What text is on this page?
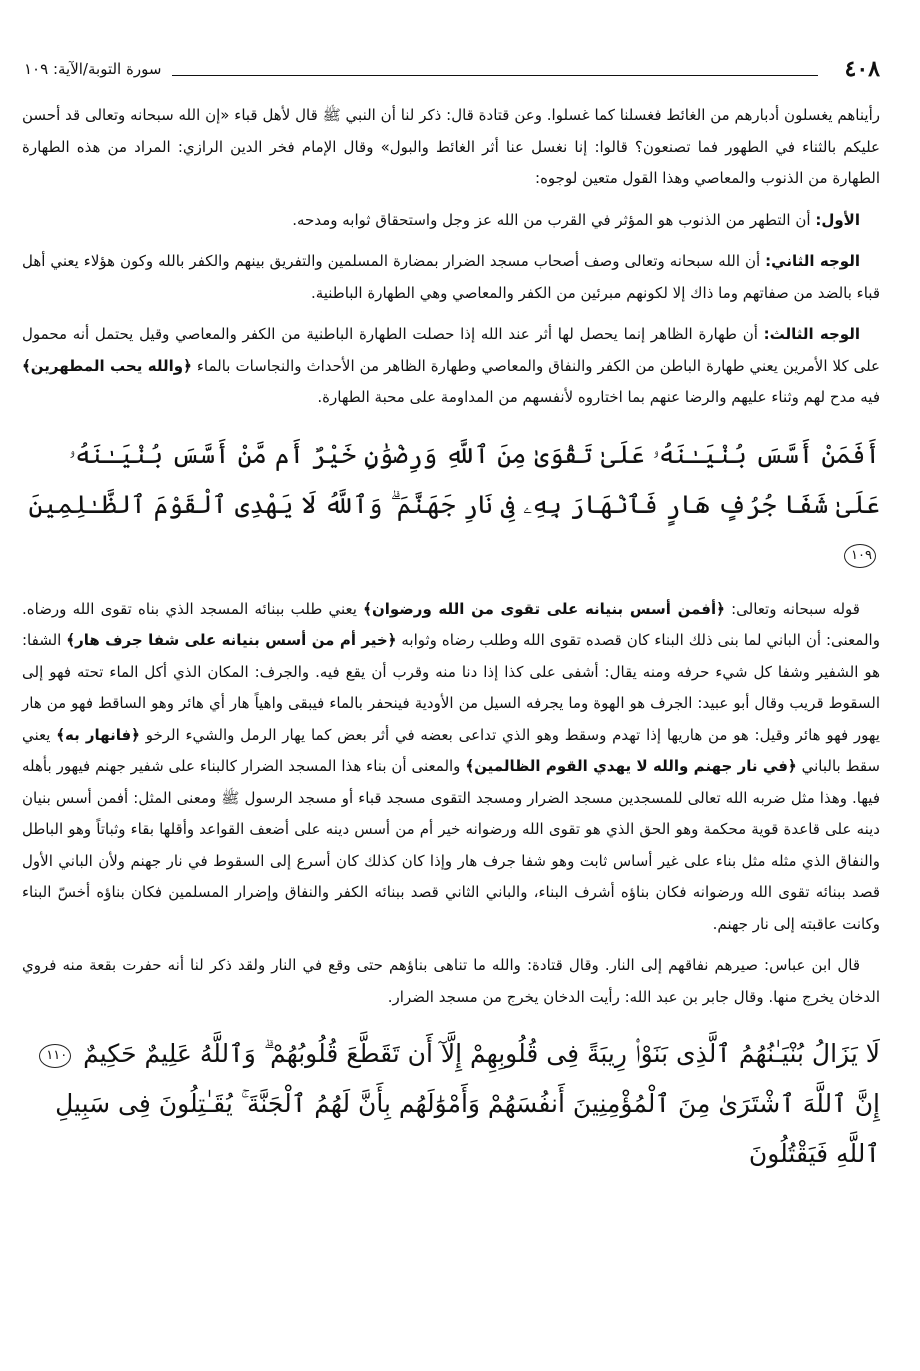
٤٠٨
سورة التوبة/الآية: ١٠٩

رأيناهم يغسلون أدبارهم من الغائط فغسلنا كما غسلوا. وعن قتادة قال: ذكر لنا أن النبي ﷺ قال لأهل قباء «إن الله سبحانه وتعالى قد أحسن عليكم بالثناء في الطهور فما تصنعون؟ قالوا: إنا نغسل عنا أثر الغائط والبول» وقال الإمام فخر الدين الرازي: المراد من هذه الطهارة الطهارة من الذنوب والمعاصي وهذا القول متعين لوجوه:

الأول: أن التطهر من الذنوب هو المؤثر في القرب من الله عز وجل واستحقاق ثوابه ومدحه.

الوجه الثاني: أن الله سبحانه وتعالى وصف أصحاب مسجد الضرار بمضارة المسلمين والتفريق بينهم والكفر بالله وكون هؤلاء يعني أهل قباء بالضد من صفاتهم وما ذاك إلا لكونهم مبرئين من الكفر والمعاصي وهي الطهارة الباطنية.

الوجه الثالث: أن طهارة الظاهر إنما يحصل لها أثر عند الله إذا حصلت الطهارة الباطنية من الكفر والمعاصي وقيل يحتمل أنه محمول على كلا الأمرين يعني طهارة الباطن من الكفر والنفاق والمعاصي وطهارة الظاهر من الأحداث والنجاسات بالماء ﴿والله يحب المطهرين﴾ فيه مدح لهم وثناء عليهم والرضا عنهم بما اختاروه لأنفسهم من المداومة على محبة الطهارة.

أَفَمَنْ أَسَّسَ بُنْيَـٰنَهُۥ عَلَىٰ تَقْوَىٰ مِنَ ٱللَّهِ وَرِضْوَٰنٍ خَيْرٌ أَم مَّنْ أَسَّسَ بُنْيَـٰنَهُۥ عَلَىٰ شَفَا جُرُفٍ هَارٍ فَٱنْهَارَ بِهِۦ فِى نَارِ جَهَنَّمَ ۗ وَٱللَّهُ لَا يَهْدِى ٱلْقَوْمَ ٱلظَّـٰلِمِينَ ١٠٩

قوله سبحانه وتعالى: ﴿أفمن أسس بنيانه على تقوى من الله ورضوان﴾ يعني طلب ببنائه المسجد الذي بناه تقوى الله ورضاه. والمعنى: أن الباني لما بنى ذلك البناء كان قصده تقوى الله وطلب رضاه وثوابه ﴿خير أم من أسس بنيانه على شفا جرف هار﴾ الشفا: هو الشفير وشفا كل شيء حرفه ومنه يقال: أشفى على كذا إذا دنا منه وقرب أن يقع فيه. والجرف: المكان الذي أكل الماء تحته فهو إلى السقوط قريب وقال أبو عبيد: الجرف هو الهوة وما يجرفه السيل من الأودية فينحفر بالماء فيبقى واهياً هار أي هائر وهو الساقط فهو من هار يهور فهو هائر وقيل: هو من هاريها إذا تهدم وسقط وهو الذي تداعى بعضه في أثر بعض كما يهار الرمل والشيء الرخو ﴿فانهار به﴾ يعني سقط بالباني ﴿في نار جهنم والله لا يهدي القوم الظالمين﴾ والمعنى أن بناء هذا المسجد الضرار كالبناء على شفير جهنم فيهور بأهله فيها. وهذا مثل ضربه الله تعالى للمسجدين مسجد الضرار ومسجد التقوى مسجد قباء أو مسجد الرسول ﷺ ومعنى المثل: أفمن أسس بنيان دينه على قاعدة قوية محكمة وهو الحق الذي هو تقوى الله ورضوانه خير أم من أسس دينه على أضعف القواعد وأقلها بقاء وثباتاً وهو الباطل والنفاق الذي مثله مثل بناء على غير أساس ثابت وهو شفا جرف هار وإذا كان كذلك كان أسرع إلى السقوط في نار جهنم ولأن الباني الأول قصد ببنائه تقوى الله ورضوانه فكان بناؤه أشرف البناء، والباني الثاني قصد ببنائه الكفر والنفاق وإضرار المسلمين فكان بناؤه أخسّ البناء وكانت عاقبته إلى نار جهنم.

قال ابن عباس: صيرهم نفاقهم إلى النار. وقال قتادة: والله ما تناهى بناؤهم حتى وقع في النار ولقد ذكر لنا أنه حفرت بقعة منه فروي الدخان يخرج منها. وقال جابر بن عبد الله: رأيت الدخان يخرج من مسجد الضرار.

لَا يَزَالُ بُنْيَـٰنُهُمُ ٱلَّذِى بَنَوْا۟ رِيبَةً فِى قُلُوبِهِمْ إِلَّآ أَن تَقَطَّعَ قُلُوبُهُمْ ۗ وَٱللَّهُ عَلِيمٌ حَكِيمٌ ١١٠ إِنَّ ٱللَّهَ ٱشْتَرَىٰ مِنَ ٱلْمُؤْمِنِينَ أَنفُسَهُمْ وَأَمْوَٰلَهُم بِأَنَّ لَهُمُ ٱلْجَنَّةَ ۚ يُقَـٰتِلُونَ فِى سَبِيلِ ٱللَّهِ فَيَقْتُلُونَ
